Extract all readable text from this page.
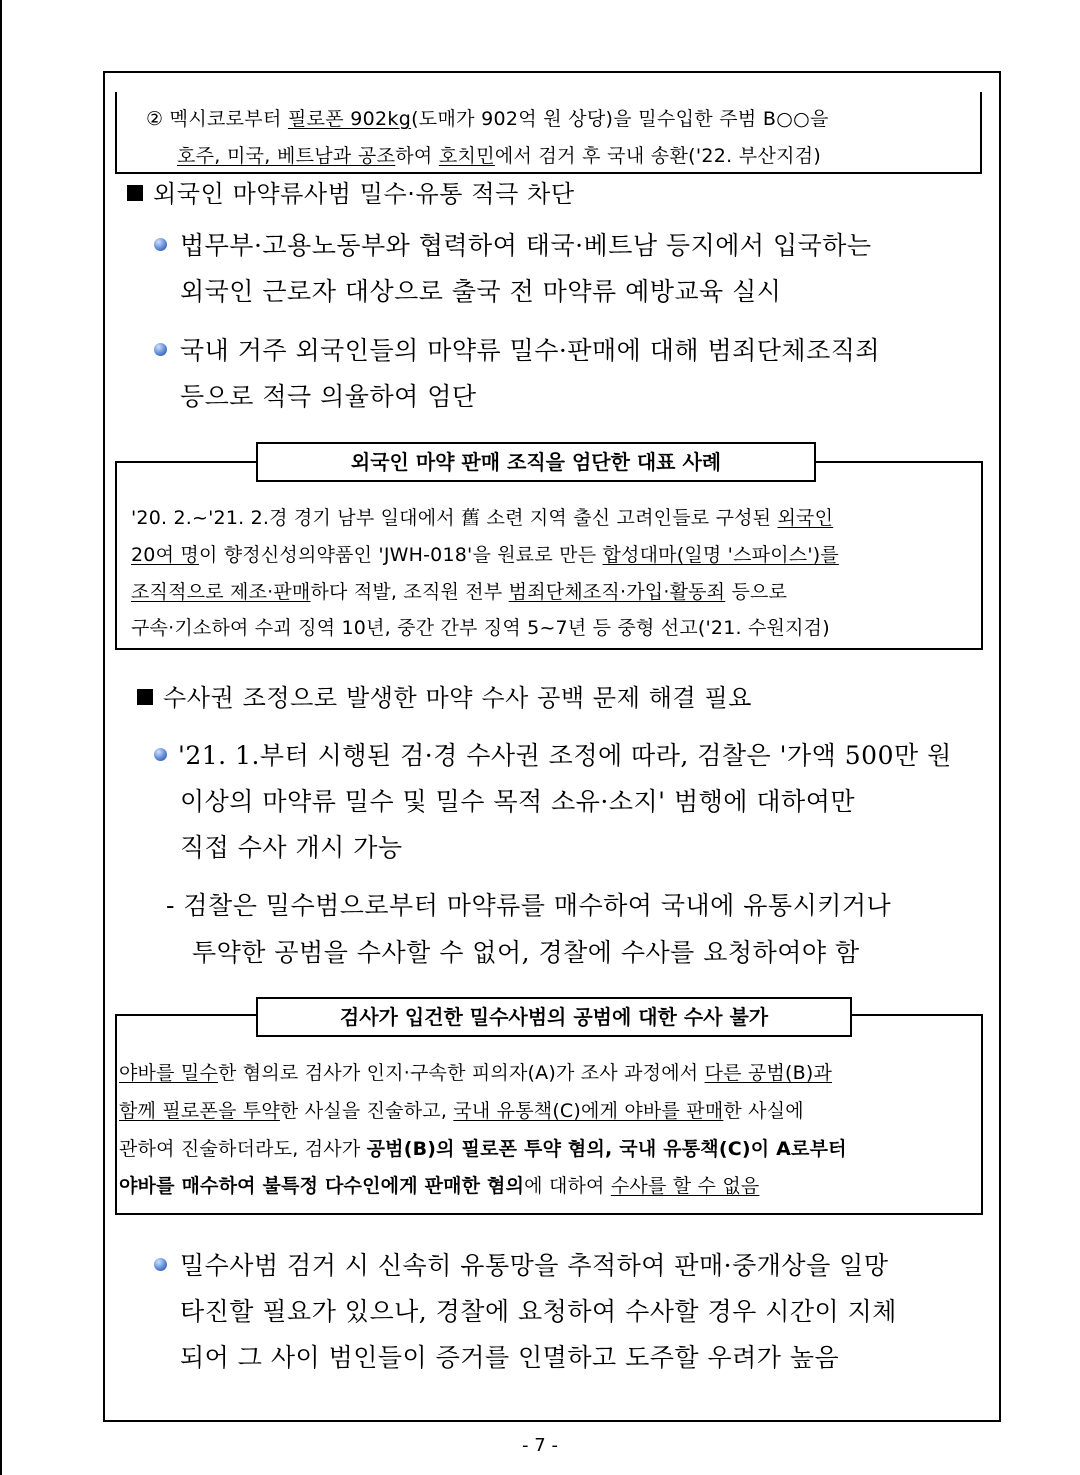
② 멕시코로부터 필로폰 902kg(도매가 902억 원 상당)을 밀수입한 주범 B○○을
호주, 미국, 베트남과 공조하여 호치민에서 검거 후 국내 송환('22. 부산지검)
외국인 마약류사범 밀수·유통 적극 차단
법무부·고용노동부와 협력하여 태국·베트남 등지에서 입국하는
외국인 근로자 대상으로 출국 전 마약류 예방교육 실시
국내 거주 외국인들의 마약류 밀수·판매에 대해 범죄단체조직죄
등으로 적극 의율하여 엄단
'20. 2.~'21. 2.경 경기 남부 일대에서 舊 소련 지역 출신 고려인들로 구성된 외국인
20여 명이 향정신성의약품인 'JWH-018'을 원료로 만든 합성대마(일명 '스파이스')를
조직적으로 제조·판매하다 적발, 조직원 전부 범죄단체조직·가입·활동죄 등으로
구속·기소하여 수괴 징역 10년, 중간 간부 징역 5~7년 등 중형 선고('21. 수원지검)
외국인 마약 판매 조직을 엄단한 대표 사례
수사권 조정으로 발생한 마약 수사 공백 문제 해결 필요
'21. 1.부터 시행된 검·경 수사권 조정에 따라, 검찰은 '가액 500만 원
이상의 마약류 밀수 및 밀수 목적 소유·소지' 범행에 대하여만
직접 수사 개시 가능
- 검찰은 밀수범으로부터 마약류를 매수하여 국내에 유통시키거나
투약한 공범을 수사할 수 없어, 경찰에 수사를 요청하여야 함
야바를 밀수한 혐의로 검사가 인지·구속한 피의자(A)가 조사 과정에서 다른 공범(B)과
함께 필로폰을 투약한 사실을 진술하고, 국내 유통책(C)에게 야바를 판매한 사실에
관하여 진술하더라도, 검사가 공범(B)의 필로폰 투약 혐의, 국내 유통책(C)이 A로부터
야바를 매수하여 불특정 다수인에게 판매한 혐의에 대하여 수사를 할 수 없음
검사가 입건한 밀수사범의 공범에 대한 수사 불가
밀수사범 검거 시 신속히 유통망을 추적하여 판매·중개상을 일망
타진할 필요가 있으나, 경찰에 요청하여 수사할 경우 시간이 지체
되어 그 사이 범인들이 증거를 인멸하고 도주할 우려가 높음
- 7 -
